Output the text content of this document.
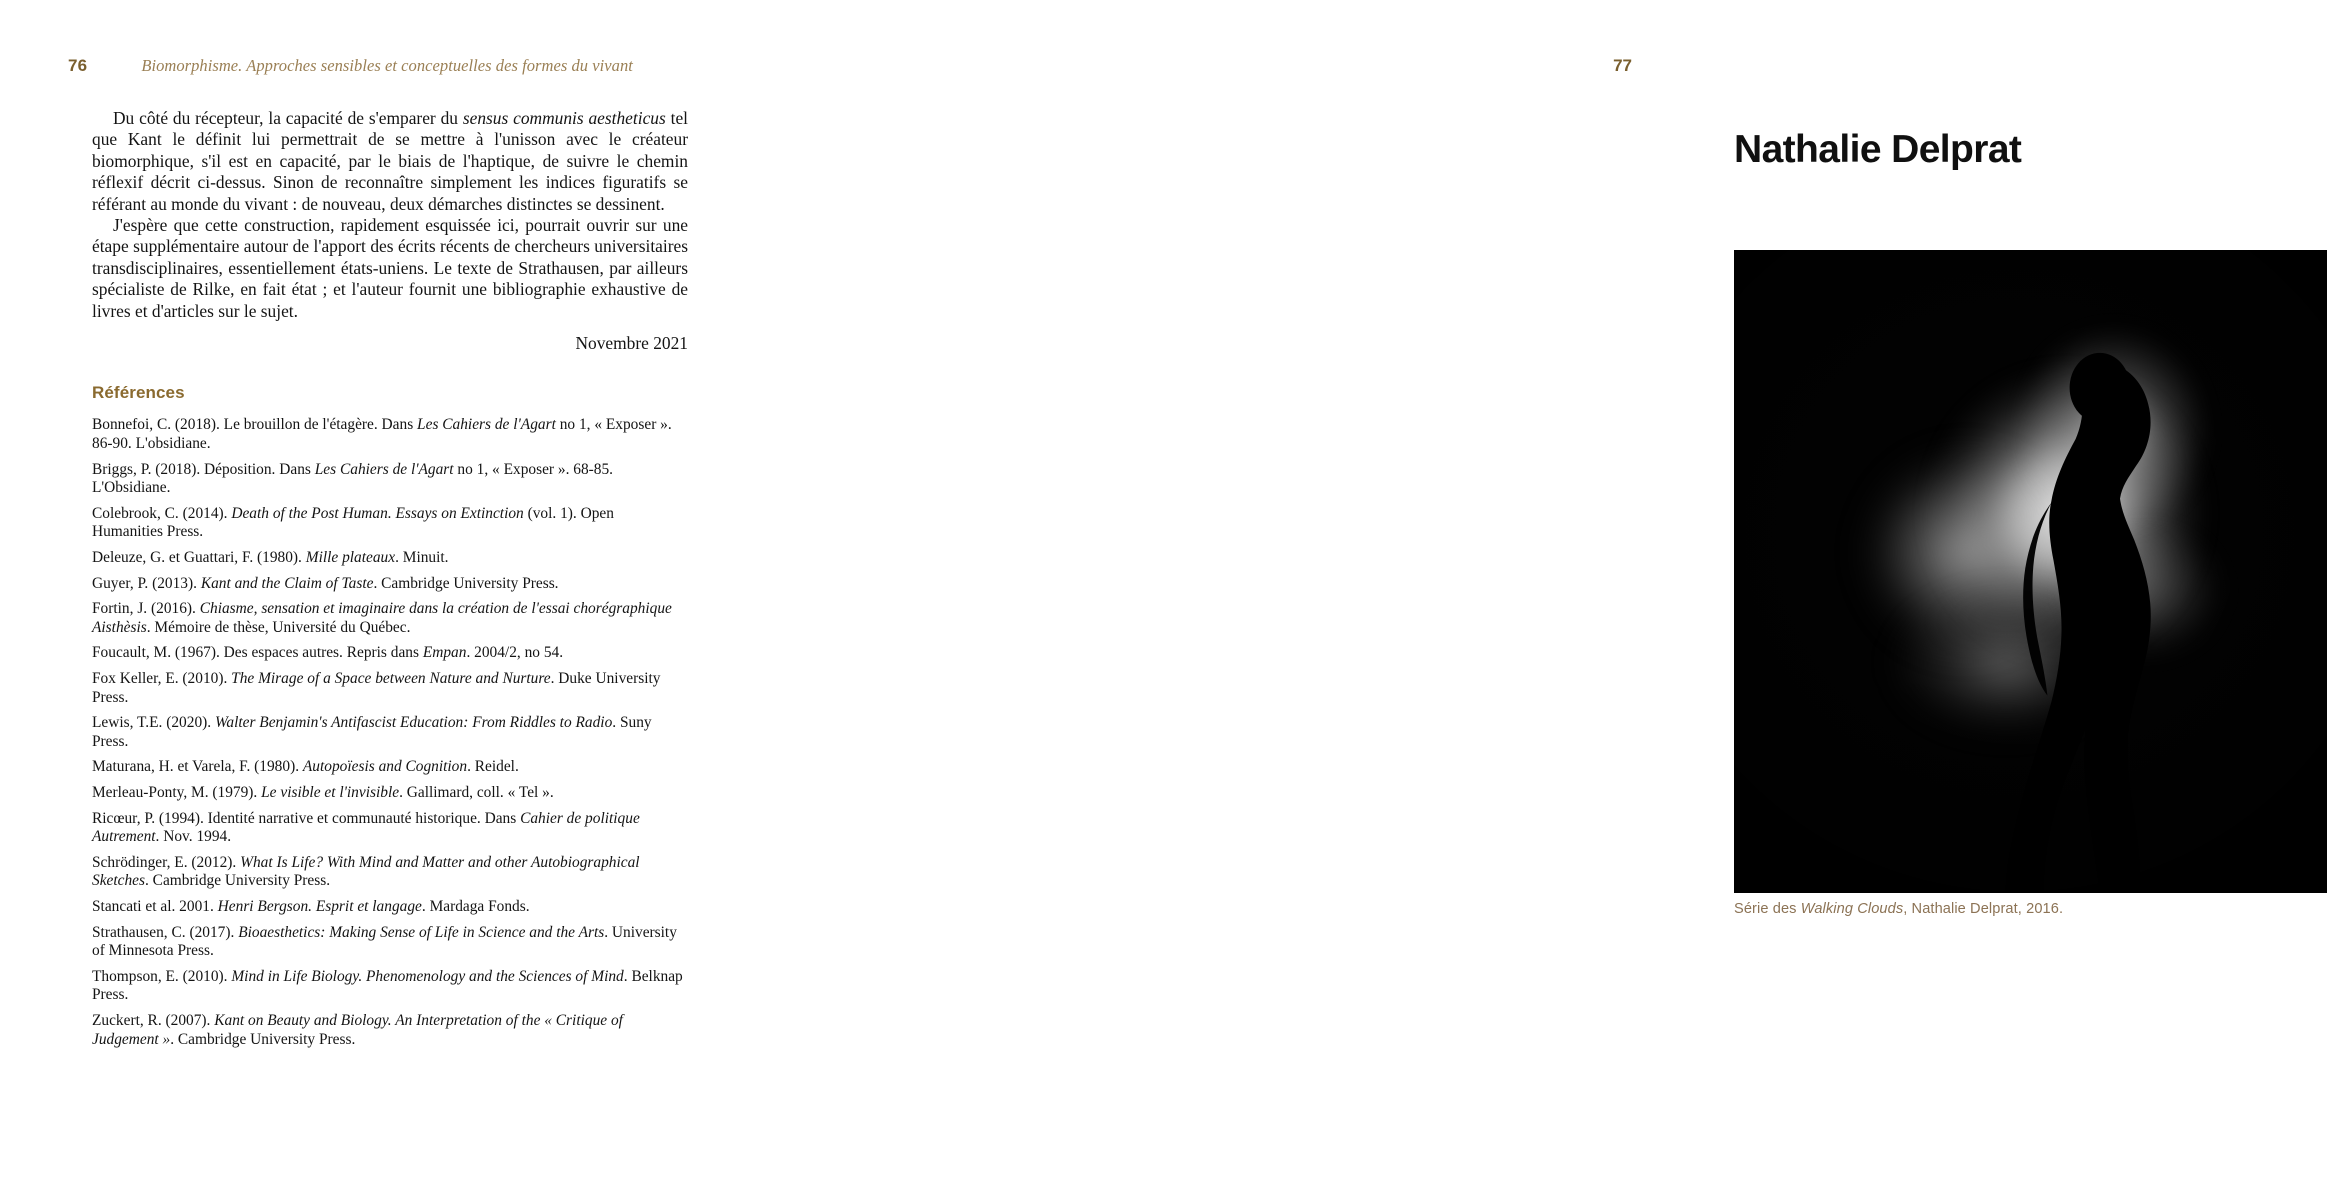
76	Biomorphisme. Approches sensibles et conceptuelles des formes du vivant

Du côté du récepteur, la capacité de s'emparer du sensus communis aestheticus tel que Kant le définit lui permettrait de se mettre à l'unisson avec le créateur biomorphique, s'il est en capacité, par le biais de l'haptique, de suivre le chemin réflexif décrit ci-dessus. Sinon de reconnaître simplement les indices figuratifs se référant au monde du vivant : de nouveau, deux démarches distinctes se dessinent.

J'espère que cette construction, rapidement esquissée ici, pourrait ouvrir sur une étape supplémentaire autour de l'apport des écrits récents de chercheurs universitaires transdisciplinaires, essentiellement états-uniens. Le texte de Strathausen, par ailleurs spécialiste de Rilke, en fait état ; et l'auteur fournit une bibliographie exhaustive de livres et d'articles sur le sujet.

Novembre 2021
Références
Bonnefoi, C. (2018). Le brouillon de l'étagère. Dans Les Cahiers de l'Agart no 1, « Exposer ». 86-90. L'obsidiane.
Briggs, P. (2018). Déposition. Dans Les Cahiers de l'Agart no 1, « Exposer ». 68-85. L'Obsidiane.
Colebrook, C. (2014). Death of the Post Human. Essays on Extinction (vol. 1). Open Humanities Press.
Deleuze, G. et Guattari, F. (1980). Mille plateaux. Minuit.
Guyer, P. (2013). Kant and the Claim of Taste. Cambridge University Press.
Fortin, J. (2016). Chiasme, sensation et imaginaire dans la création de l'essai chorégraphique Aisthèsis. Mémoire de thèse, Université du Québec.
Foucault, M. (1967). Des espaces autres. Repris dans Empan. 2004/2, no 54.
Fox Keller, E. (2010). The Mirage of a Space between Nature and Nurture. Duke University Press.
Lewis, T.E. (2020). Walter Benjamin's Antifascist Education: From Riddles to Radio. Suny Press.
Maturana, H. et Varela, F. (1980). Autopoïesis and Cognition. Reidel.
Merleau-Ponty, M. (1979). Le visible et l'invisible. Gallimard, coll. « Tel ».
Ricœur, P. (1994). Identité narrative et communauté historique. Dans Cahier de politique Autrement. Nov. 1994.
Schrödinger, E. (2012). What Is Life? With Mind and Matter and other Autobiographical Sketches. Cambridge University Press.
Stancati et al. 2001. Henri Bergson. Esprit et langage. Mardaga Fonds.
Strathausen, C. (2017). Bioaesthetics: Making Sense of Life in Science and the Arts. University of Minnesota Press.
Thompson, E. (2010). Mind in Life Biology. Phenomenology and the Sciences of Mind. Belknap Press.
Zuckert, R. (2007). Kant on Beauty and Biology. An Interpretation of the « Critique of Judgement ». Cambridge University Press.
77
Nathalie Delprat
Série des Walking Clouds, Nathalie Delprat, 2016.
